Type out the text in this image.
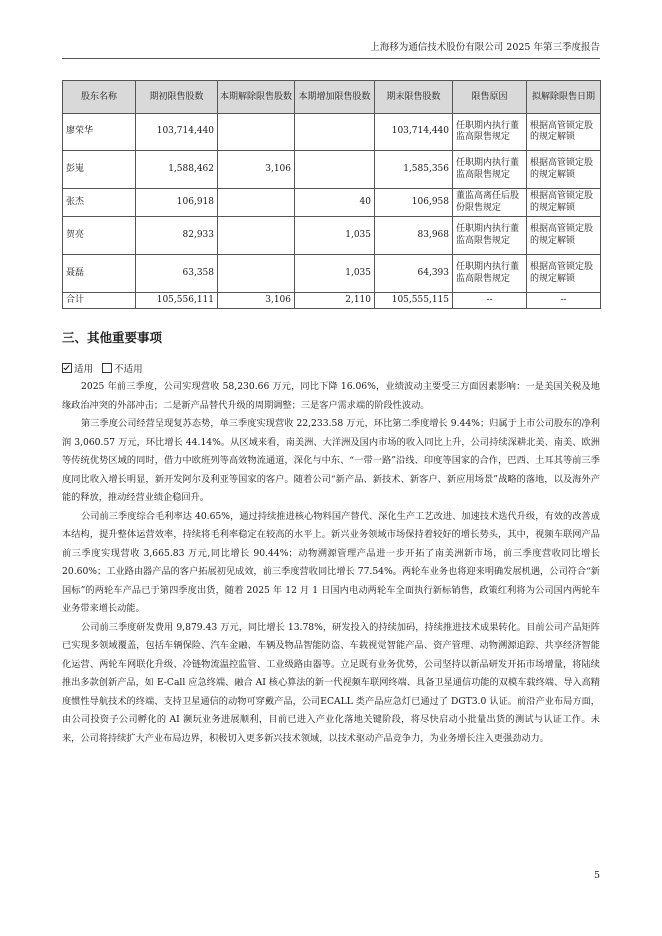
上海移为通信技术股份有限公司 2025 年第三季度报告
股东名称	期初限售股数	本期解除限售股数	本期增加限售股数	期末限售股数	限售原因	拟解除限售日期
廖荣华	103,714,440			103,714,440	任职期内执行董监高限售规定	根据高管锁定股的规定解锁
彭嵬	1,588,462	3,106		1,585,356	任职期内执行董监高限售规定	根据高管锁定股的规定解锁
张杰	106,918		40	106,958	董监高离任后股份限售规定	根据高管锁定股的规定解锁
贺亮	82,933		1,035	83,968	任职期内执行董监高限售规定	根据高管锁定股的规定解锁
聂磊	63,358		1,035	64,393	任职期内执行董监高限售规定	根据高管锁定股的规定解锁
合计	105,556,111	3,106	2,110	105,555,115	--	--
三、其他重要事项
适用 不适用

2025 年前三季度，公司实现营收 58,230.66 万元，同比下降 16.06%，业绩波动主要受三方面因素影响：一是美国关税及地缘政治冲突的外部冲击；二是新产品替代升级的周期调整；三是客户需求端的阶段性波动。

第三季度公司经营呈现复苏态势，单三季度实现营收 22,233.58 万元，环比第二季度增长 9.44%；归属于上市公司股东的净利润 3,060.57 万元，环比增长 44.14%。从区域来看，南美洲、大洋洲及国内市场的收入同比上升，公司持续深耕北美、南美、欧洲等传统优势区域的同时，借力中欧班列等高效物流通道，深化与中东、“一带一路”沿线、印度等国家的合作，巴西、土耳其等前三季度同比收入增长明显，新开发阿尔及利亚等国家的客户。随着公司“新产品、新技术、新客户、新应用场景”战略的落地，以及海外产能的释放，推动经营业绩企稳回升。

公司前三季度综合毛利率达 40.65%，通过持续推进核心物料国产替代、深化生产工艺改进、加速技术迭代升级，有效的改善成本结构，提升整体运营效率，持续将毛利率稳定在较高的水平上。新兴业务领域市场保持着较好的增长势头，其中，视频车联网产品前三季度实现营收 3,665.83 万元,同比增长 90.44%；动物溯源管理产品进一步开拓了南美洲新市场，前三季度营收同比增长 20.60%；工业路由器产品的客户拓展初见成效，前三季度营收同比增长 77.54%。两轮车业务也将迎来明确发展机遇，公司符合“新国标”的两轮车产品已于第四季度出货，随着 2025 年 12 月 1 日国内电动两轮车全面执行新标销售，政策红利将为公司国内两轮车业务带来增长动能。

公司前三季度研发费用 9,879.43 万元，同比增长 13.78%，研发投入的持续加码，持续推进技术成果转化。目前公司产品矩阵已实现多领域覆盖，包括车辆保险、汽车金融、车辆及物品智能防盗、车载视觉智能产品、资产管理、动物溯源追踪、共享经济智能化运营、两轮车网联化升级、冷链物流温控监管、工业级路由器等。立足既有业务优势，公司坚持以新品研发开拓市场增量，将陆续推出多款创新产品，如 E-Call 应急终端、融合 AI 核心算法的新一代视频车联网终端、具备卫星通信功能的双模车载终端、导入高精度惯性导航技术的终端、支持卫星通信的动物可穿戴产品，公司ECALL 类产品应急灯已通过了 DGT3.0 认证。前沿产业布局方面，由公司投资子公司孵化的 AI 濒玩业务进展顺利，目前已进入产业化落地关键阶段，将尽快启动小批量出货的测试与认证工作。未来，公司将持续扩大产业布局边界，积极切入更多新兴技术领域，以技术驱动产品竞争力，为业务增长注入更强劲动力。

5
